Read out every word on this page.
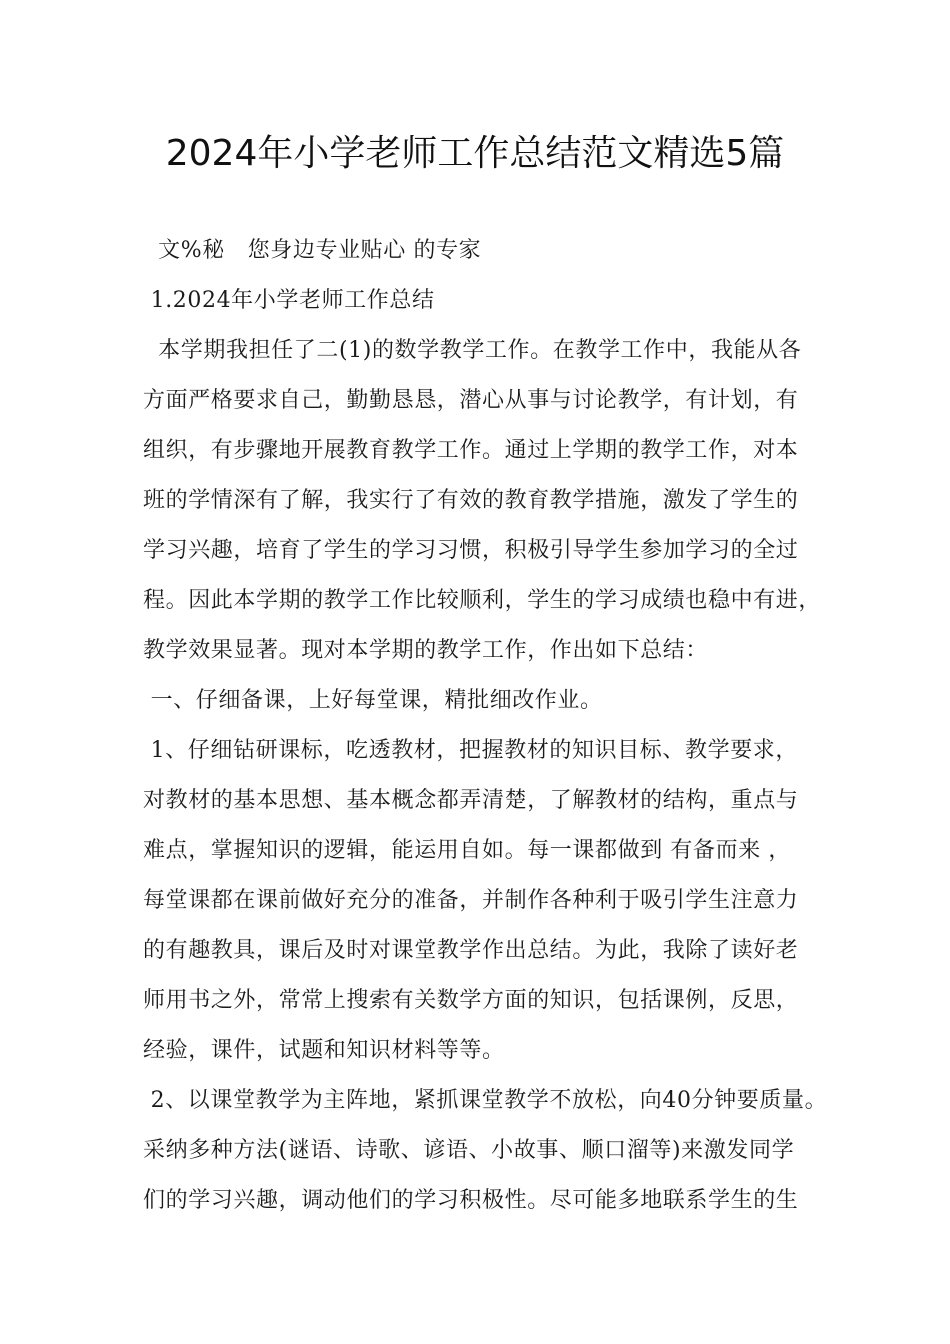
2024年小学老师工作总结范文精选5篇
文%秘   您身边专业贴心 的专家
1.2024年小学老师工作总结
本学期我担任了二(1)的数学教学工作。在教学工作中，我能从各
方面严格要求自己，勤勤恳恳，潜心从事与讨论教学，有计划，有
组织，有步骤地开展教育教学工作。通过上学期的教学工作，对本
班的学情深有了解，我实行了有效的教育教学措施，激发了学生的
学习兴趣，培育了学生的学习习惯，积极引导学生参加学习的全过
程。因此本学期的教学工作比较顺利，学生的学习成绩也稳中有进，
教学效果显著。现对本学期的教学工作，作出如下总结：
一、仔细备课，上好每堂课，精批细改作业。
1、仔细钻研课标，吃透教材，把握教材的知识目标、教学要求，
对教材的基本思想、基本概念都弄清楚，了解教材的结构，重点与
难点，掌握知识的逻辑，能运用自如。每一课都做到 有备而来 ，
每堂课都在课前做好充分的准备，并制作各种利于吸引学生注意力
的有趣教具，课后及时对课堂教学作出总结。为此，我除了读好老
师用书之外，常常上搜索有关数学方面的知识，包括课例，反思，
经验，课件，试题和知识材料等等。
2、以课堂教学为主阵地，紧抓课堂教学不放松，向40分钟要质量。
采纳多种方法(谜语、诗歌、谚语、小故事、顺口溜等)来激发同学
们的学习兴趣，调动他们的学习积极性。尽可能多地联系学生的生
